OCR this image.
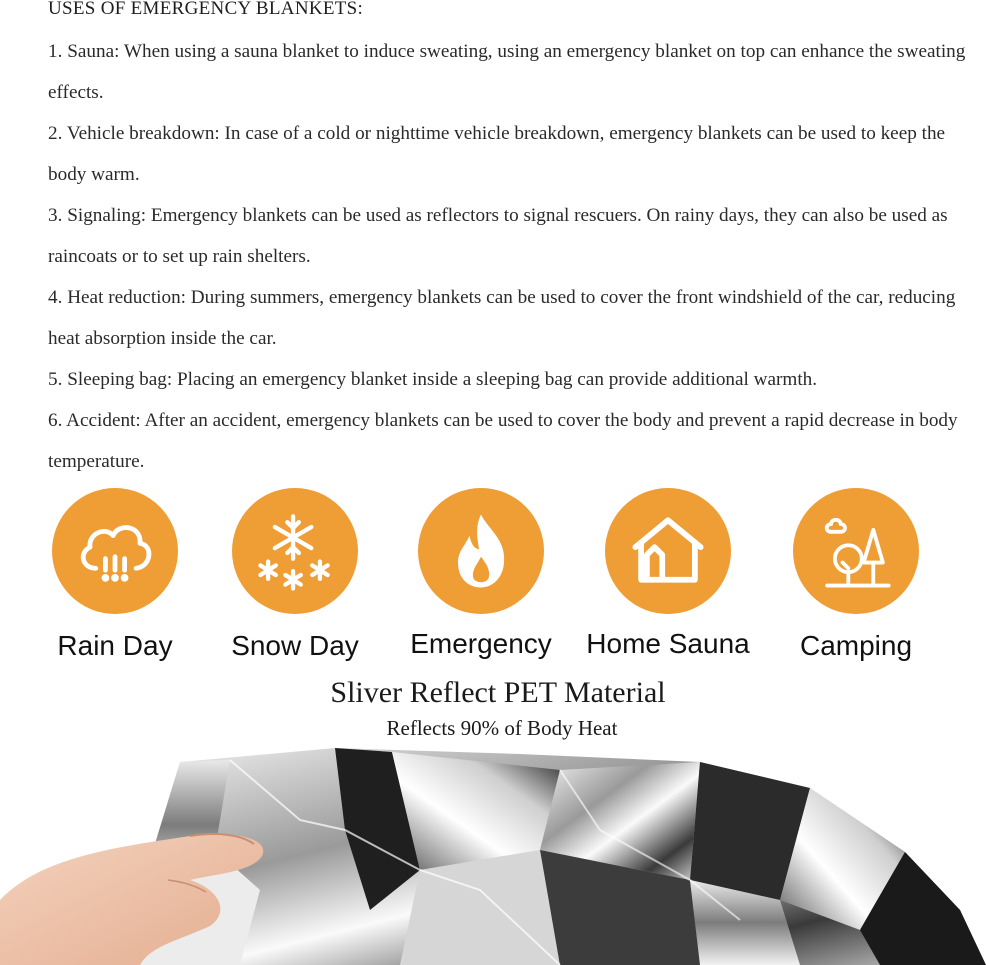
USES OF EMERGENCY BLANKETS:
1. Sauna: When using a sauna blanket to induce sweating, using an emergency blanket on top can enhance the sweating effects.
2. Vehicle breakdown: In case of a cold or nighttime vehicle breakdown, emergency blankets can be used to keep the body warm.
3. Signaling: Emergency blankets can be used as reflectors to signal rescuers. On rainy days, they can also be used as raincoats or to set up rain shelters.
4. Heat reduction: During summers, emergency blankets can be used to cover the front windshield of the car, reducing heat absorption inside the car.
5. Sleeping bag: Placing an emergency blanket inside a sleeping bag can provide additional warmth.
6. Accident: After an accident, emergency blankets can be used to cover the body and prevent a rapid decrease in body temperature.
Rain Day	Snow Day	Emergency	Home Sauna	Camping
Sliver Reflect PET Material
Reflects 90% of Body Heat
